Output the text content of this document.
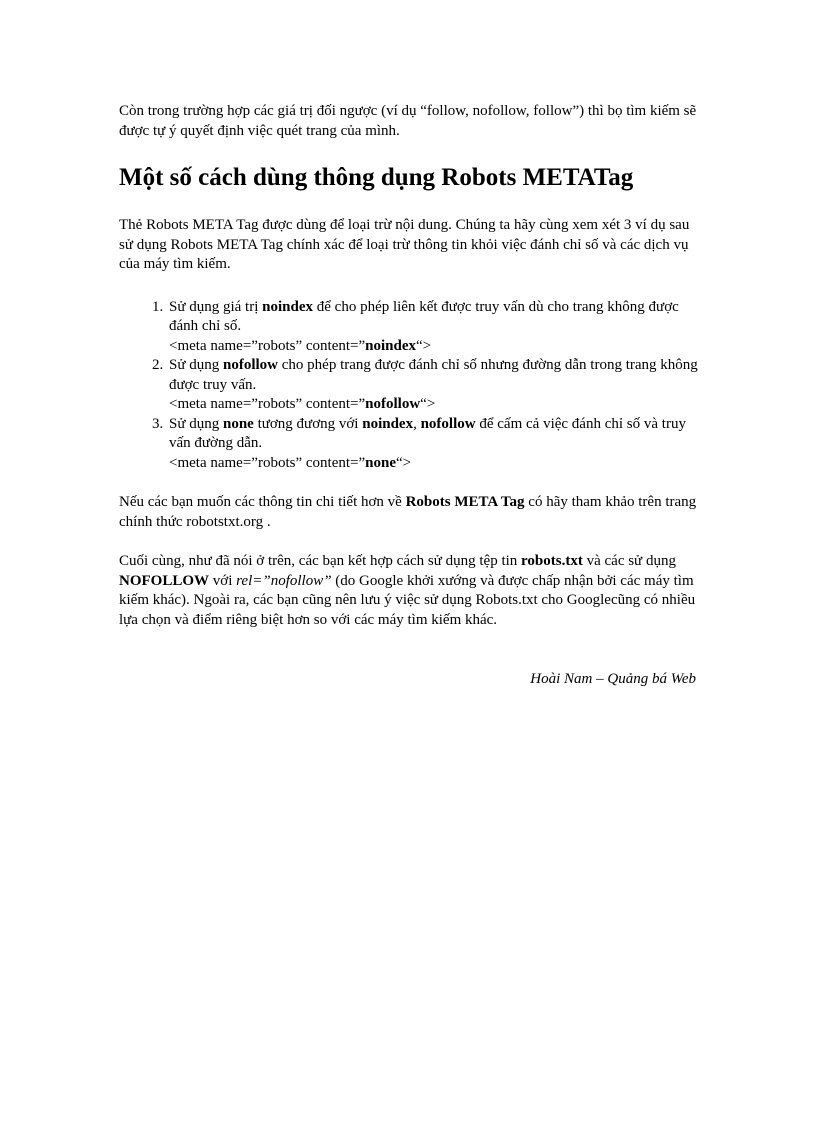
Còn trong trường hợp các giá trị đối ngược (ví dụ “follow, nofollow, follow”) thì bọ tìm kiếm sẽ được tự ý quyết định việc quét trang của mình.

Một số cách dùng thông dụng Robots METATag

Thẻ Robots META Tag được dùng để loại trừ nội dung. Chúng ta hãy cùng xem xét 3 ví dụ sau sử dụng Robots META Tag chính xác để loại trừ thông tin khỏi việc đánh chỉ số và các dịch vụ của máy tìm kiếm.

1. Sử dụng giá trị noindex để cho phép liên kết được truy vấn dù cho trang không được đánh chỉ số.
<meta name=”robots” content=”noindex“>
2. Sử dụng nofollow cho phép trang được đánh chỉ số nhưng đường dẫn trong trang không được truy vấn.
<meta name=”robots” content=”nofollow“>
3. Sử dụng none tương đương với noindex, nofollow để cấm cả việc đánh chỉ số và truy vấn đường dẫn.
<meta name=”robots” content=”none“>

Nếu các bạn muốn các thông tin chi tiết hơn về Robots META Tag có hãy tham khảo trên trang chính thức robotstxt.org .

Cuối cùng, như đã nói ở trên, các bạn kết hợp cách sử dụng tệp tin robots.txt và các sử dụng NOFOLLOW với rel=”nofollow” (do Google khởi xướng và được chấp nhận bởi các máy tìm kiếm khác). Ngoài ra, các bạn cũng nên lưu ý việc sử dụng Robots.txt cho Googlecũng có nhiều lựa chọn và điểm riêng biệt hơn so với các máy tìm kiếm khác.

Hoài Nam – Quảng bá Web
